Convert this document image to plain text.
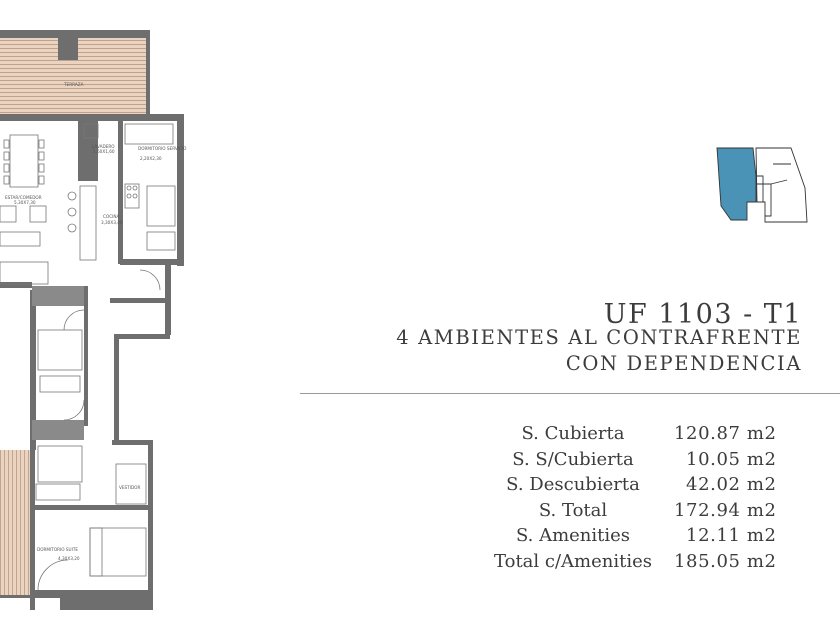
TERRAZA
ESTAR/COMEDOR
5,30X7,30
LAVADERO
1,60X1,60
DORMITORIO SERVICIO
2,20X2,30
COCINA
3,30X3,40
VESTIDOR
DORMITORIO SUITE
4,30X3,20
UF 1103 - T1
4 AMBIENTES AL CONTRAFRENTE
CON DEPENDENCIA
S. Cubierta	120.87 m2
S. S/Cubierta	10.05 m2
S. Descubierta	42.02 m2
S. Total	172.94 m2
S. Amenities	12.11 m2
Total c/Amenities	185.05 m2
